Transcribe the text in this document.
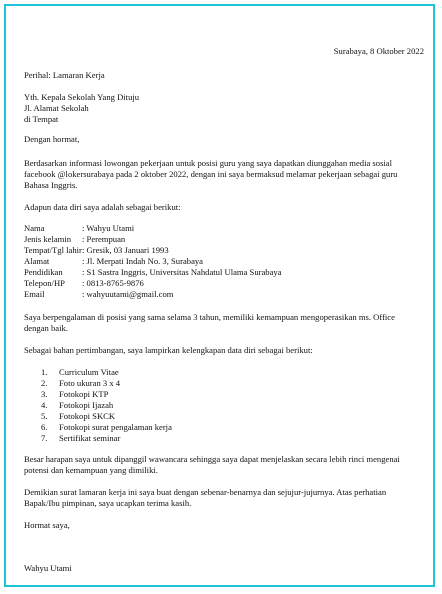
Surabaya, 8 Oktober 2022
Perihal: Lamaran Kerja
Yth. Kepala Sekolah Yang Dituju
Jl. Alamat Sekolah
di Tempat
Dengan hormat,
Berdasarkan informasi lowongan pekerjaan untuk posisi guru yang saya dapatkan diunggahan media sosial
facebook @lokersurabaya pada 2 oktober 2022, dengan ini saya bermaksud melamar pekerjaan sebagai guru
Bahasa Inggris.
Adapun data diri saya adalah sebagai berikut:
Nama	: Wahyu Utami
Jenis kelamin	: Perempuan
Tempat/Tgl lahir : Gresik, 03 Januari 1993
Alamat	: Jl. Merpati Indah No. 3, Surabaya
Pendidikan	: S1 Sastra Inggris, Universitas Nahdatul Ulama Surabaya
Telepon/HP	: 0813-8765-9876
Email	: wahyuutami@gmail.com
Saya berpengalaman di posisi yang sama selama 3 tahun, memiliki kemampuan mengoperasikan ms. Office
dengan baik.
Sebagai bahan pertimbangan, saya lampirkan kelengkapan data diri sebagai berikut:
1.	Curriculum Vitae
2.	Foto ukuran 3 x 4
3.	Fotokopi KTP
4.	Fotokopi Ijazah
5.	Fotokopi SKCK
6.	Fotokopi surat pengalaman kerja
7.	Sertifikat seminar
Besar harapan saya untuk dipanggil wawancara sehingga saya dapat menjelaskan secara lebih rinci mengenai
potensi dan kemampuan yang dimiliki.
Demikian surat lamaran kerja ini saya buat dengan sebenar-benarnya dan sejujur-jujurnya. Atas perhatian
Bapak/Ibu pimpinan, saya ucapkan terima kasih.
Hormat saya,
Wahyu Utami
